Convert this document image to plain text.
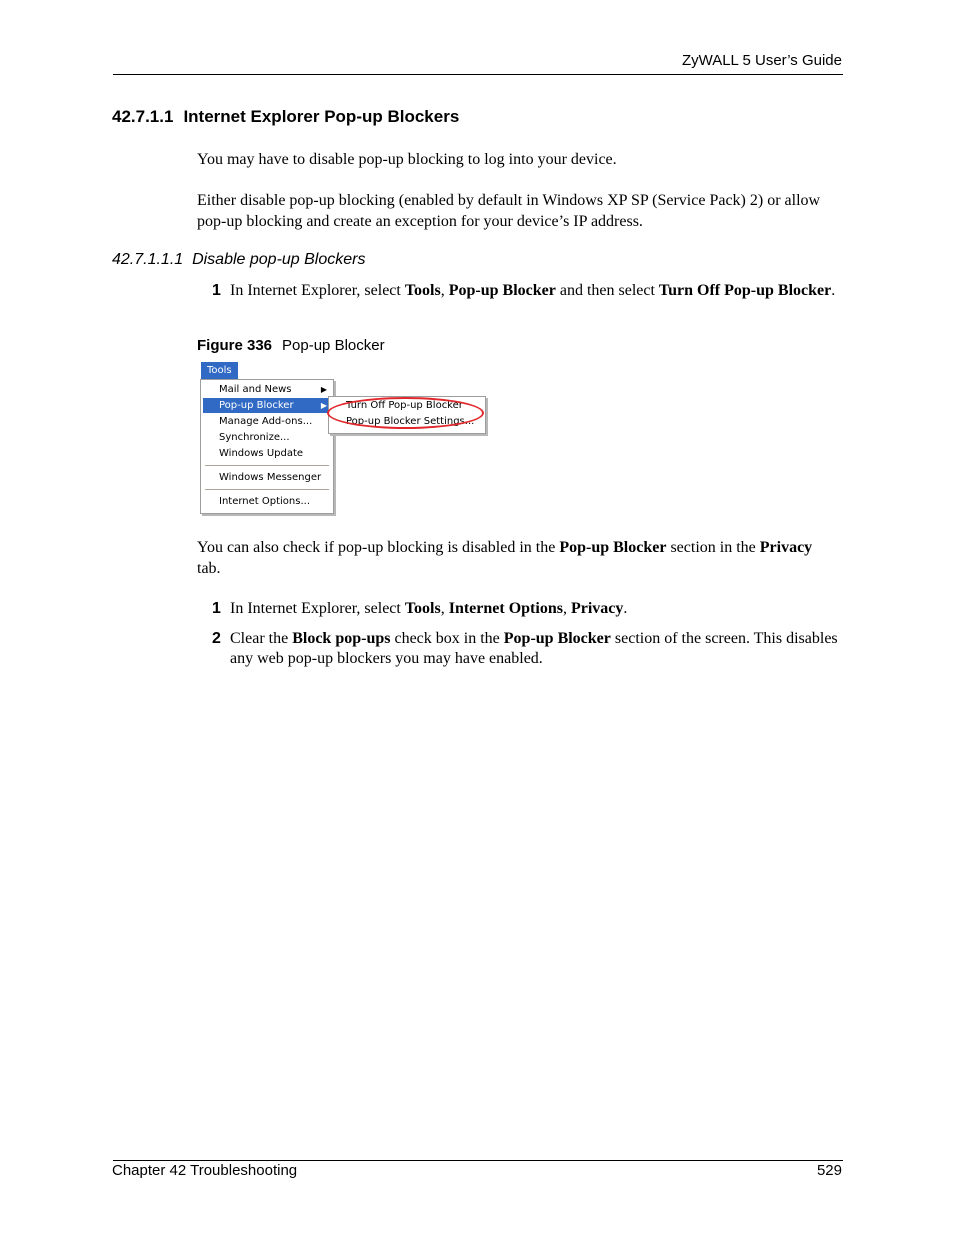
ZyWALL 5 User’s Guide
42.7.1.1 Internet Explorer Pop-up Blockers
You may have to disable pop-up blocking to log into your device.
Either disable pop-up blocking (enabled by default in Windows XP SP (Service Pack) 2) or allow pop-up blocking and create an exception for your device’s IP address.
42.7.1.1.1 Disable pop-up Blockers
1 In Internet Explorer, select Tools, Pop-up Blocker and then select Turn Off Pop-up Blocker.
Figure 336 Pop-up Blocker
Tools
Mail and News	▶
Pop-up Blocker	▶
Manage Add-ons...
Synchronize...
Windows Update
Windows Messenger
Internet Options...
Turn Off Pop-up Blocker
Pop-up Blocker Settings...
You can also check if pop-up blocking is disabled in the Pop-up Blocker section in the Privacy tab.
1 In Internet Explorer, select Tools, Internet Options, Privacy.
2 Clear the Block pop-ups check box in the Pop-up Blocker section of the screen. This disables any web pop-up blockers you may have enabled.
Chapter 42 Troubleshooting	529
